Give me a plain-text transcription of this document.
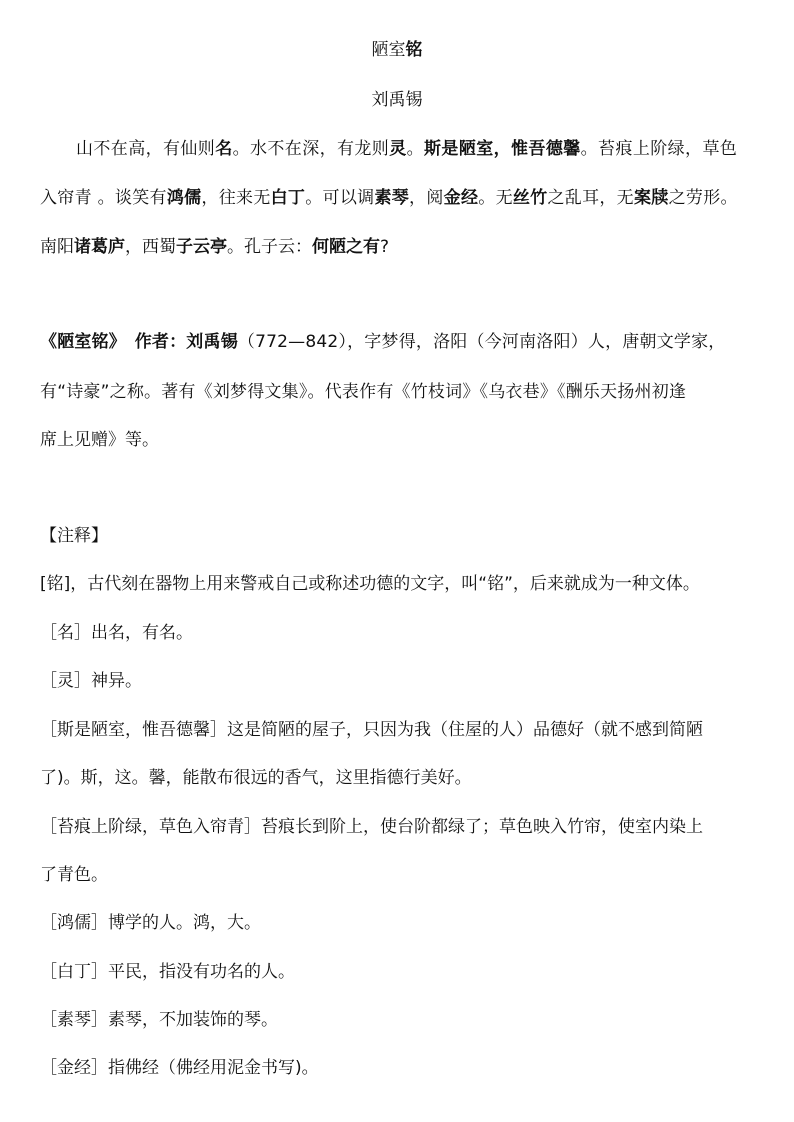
陋室铭
刘禹锡
山不在高，有仙则名。水不在深，有龙则灵。斯是陋室，惟吾德馨。苔痕上阶绿，草色
入帘青 。谈笑有鸿儒，往来无白丁。可以调素琴，阅金经。无丝竹之乱耳，无案牍之劳形。
南阳诸葛庐，西蜀子云亭。孔子云：何陋之有?
《陋室铭》　作者：刘禹锡（772—842），字梦得，洛阳（今河南洛阳）人，唐朝文学家，
有“诗豪”之称。著有《刘梦得文集》。代表作有《竹枝词》《乌衣巷》《酬乐天扬州初逢
席上见赠》等。
【注释】
[铭]，古代刻在器物上用来警戒自己或称述功德的文字，叫“铭”，后来就成为一种文体。
［名］出名，有名。
［灵］神异。
［斯是陋室，惟吾德馨］这是简陋的屋子，只因为我（住屋的人）品德好（就不感到简陋
了)。斯，这。馨，能散布很远的香气，这里指德行美好。
［苔痕上阶绿，草色入帘青］苔痕长到阶上，使台阶都绿了；草色映入竹帘，使室内染上
了青色。
［鸿儒］博学的人。鸿，大。
［白丁］平民，指没有功名的人。
［素琴］素琴，不加装饰的琴。
［金经］指佛经（佛经用泥金书写)。
